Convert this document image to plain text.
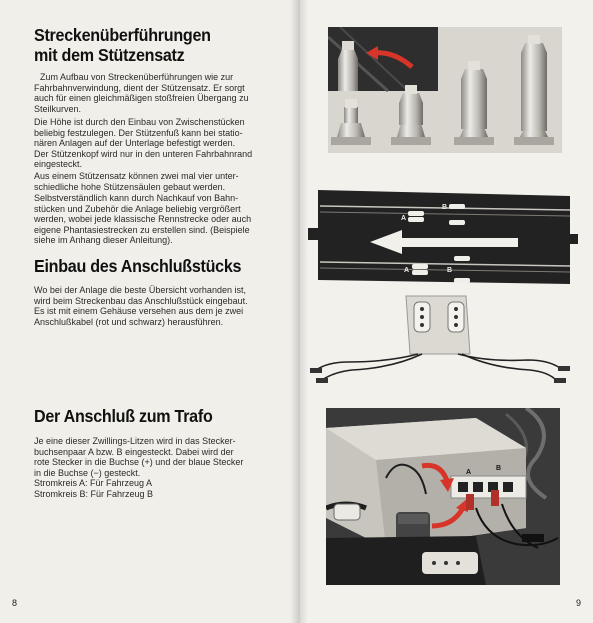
Streckenüberführungen
mit dem Stützensatz

Zum Aufbau von Streckenüberführungen wie zur
Fahrbahnverwindung, dient der Stützensatz. Er sorgt
auch für einen gleichmäßigen stoßfreien Übergang zu
Steilkurven.

Die Höhe ist durch den Einbau von Zwischenstücken
beliebig festzulegen. Der Stützenfuß kann bei statio-
nären Anlagen auf der Unterlage befestigt werden.
Der Stützenkopf wird nur in den unteren Fahrbahnrand
eingesteckt.

Aus einem Stützensatz können zwei mal vier unter-
schiedliche hohe Stützensäulen gebaut werden.

Selbstverständlich kann durch Nachkauf von Bahn-
stücken und Zubehör die Anlage beliebig vergrößert
werden, wobei jede klassische Rennstrecke oder auch
eigene Phantasiestrecken zu erstellen sind. (Beispiele
siehe im Anhang dieser Anleitung).

Einbau des Anschlußstücks

Wo bei der Anlage die beste Übersicht vorhanden ist,
wird beim Streckenbau das Anschlußstück eingebaut.
Es ist mit einem Gehäuse versehen aus dem je zwei
Anschlußkabel (rot und schwarz) herausführen.

Der Anschluß zum Trafo

Je eine dieser Zwillings-Litzen wird in das Stecker-
buchsenpaar A bzw. B eingesteckt. Dabei wird der
rote Stecker in die Buchse (+) und der blaue Stecker
in die Buchse (−) gesteckt.

Stromkreis A: Für Fahrzeug A

Stromkreis B: Für Fahrzeug B

8
A
B
A	B
A
B
9
